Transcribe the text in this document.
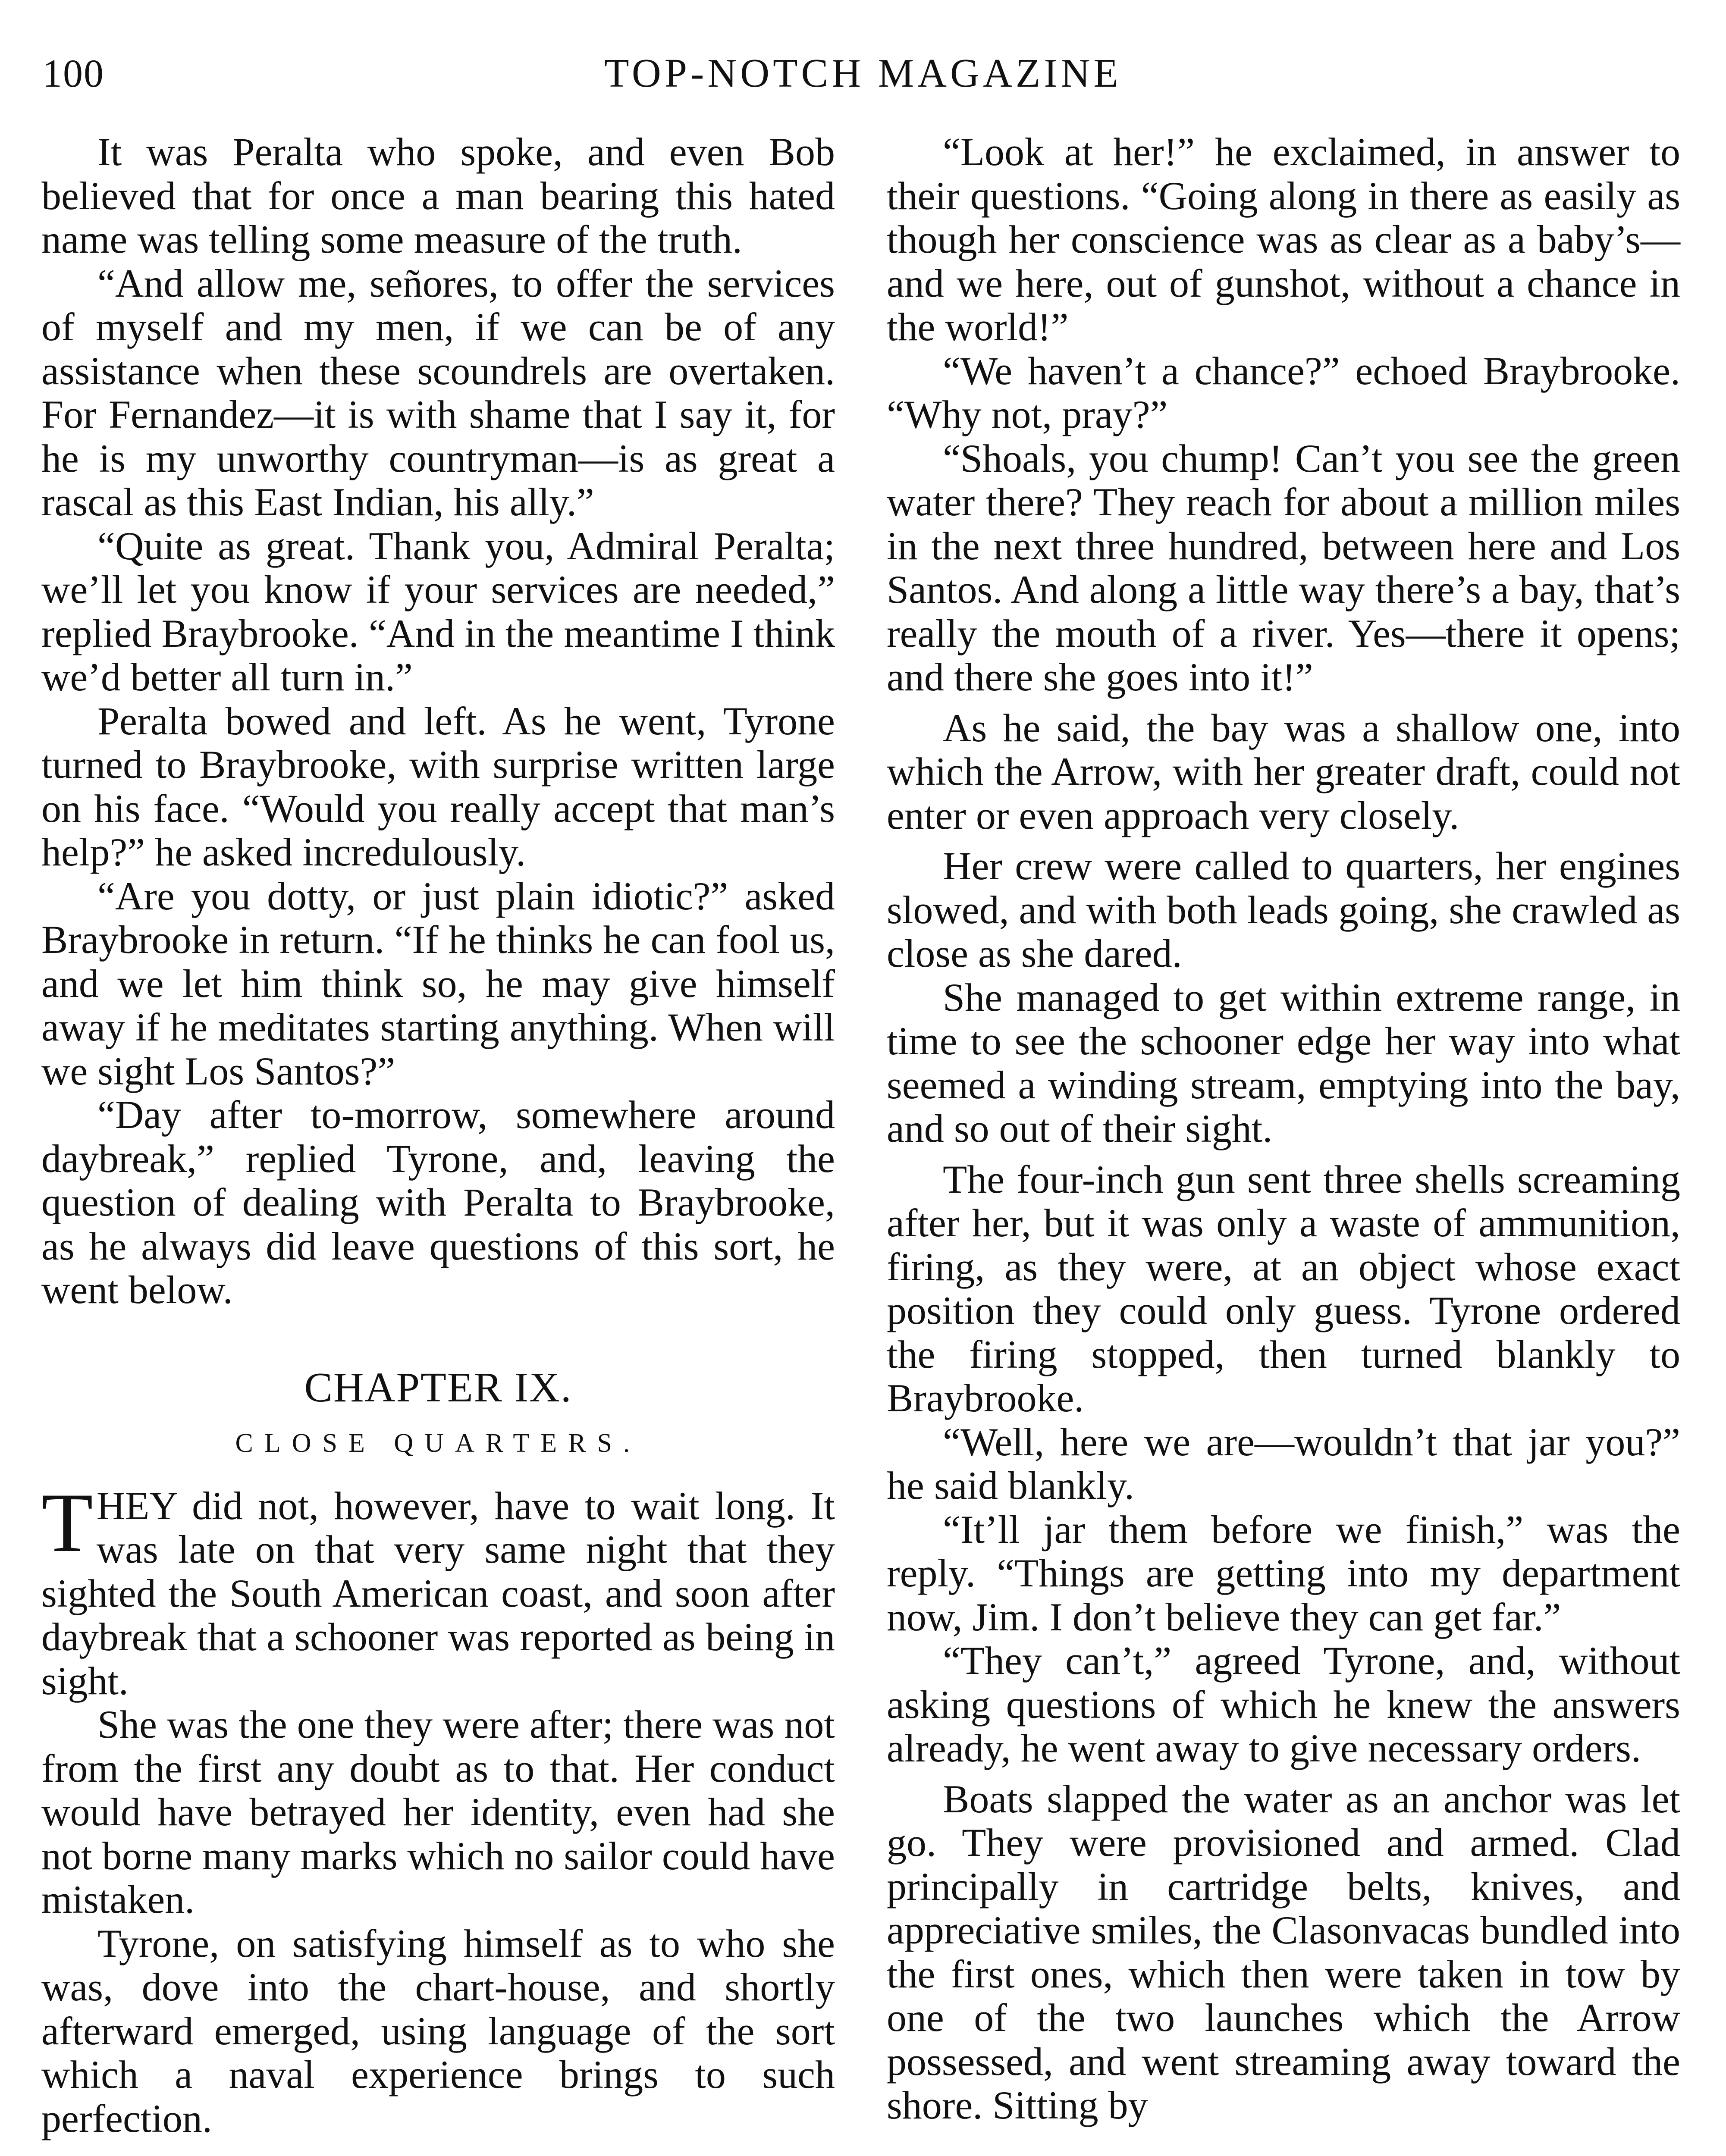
100	TOP-NOTCH MAGAZINE

It was Peralta who spoke, and even Bob believed that for once a man bearing this hated name was telling some measure of the truth.

“And allow me, señores, to offer the services of myself and my men, if we can be of any assistance when these scoundrels are overtaken. For Fernandez—it is with shame that I say it, for he is my unworthy countryman—is as great a rascal as this East Indian, his ally.”

“Quite as great. Thank you, Admiral Peralta; we’ll let you know if your services are needed,” replied Braybrooke. “And in the meantime I think we’d better all turn in.”

Peralta bowed and left. As he went, Tyrone turned to Braybrooke, with surprise written large on his face. “Would you really accept that man’s help?” he asked incredulously.

“Are you dotty, or just plain idiotic?” asked Braybrooke in return. “If he thinks he can fool us, and we let him think so, he may give himself away if he meditates starting anything. When will we sight Los Santos?”

“Day after to-morrow, somewhere around daybreak,” replied Tyrone, and, leaving the question of dealing with Peralta to Braybrooke, as he always did leave questions of this sort, he went below.

CHAPTER IX.
CLOSE QUARTERS.

THEY did not, however, have to wait long. It was late on that very same night that they sighted the South American coast, and soon after daybreak that a schooner was reported as being in sight.

She was the one they were after; there was not from the first any doubt as to that. Her conduct would have betrayed her identity, even had she not borne many marks which no sailor could have mistaken.

Tyrone, on satisfying himself as to who she was, dove into the chart-house, and shortly afterward emerged, using language of the sort which a naval experience brings to such perfection.

“Look at her!” he exclaimed, in answer to their questions. “Going along in there as easily as though her conscience was as clear as a baby’s—and we here, out of gunshot, without a chance in the world!”

“We haven’t a chance?” echoed Braybrooke. “Why not, pray?”

“Shoals, you chump! Can’t you see the green water there? They reach for about a million miles in the next three hundred, between here and Los Santos. And along a little way there’s a bay, that’s really the mouth of a river. Yes—there it opens; and there she goes into it!”

As he said, the bay was a shallow one, into which the Arrow, with her greater draft, could not enter or even approach very closely.

Her crew were called to quarters, her engines slowed, and with both leads going, she crawled as close as she dared.

She managed to get within extreme range, in time to see the schooner edge her way into what seemed a winding stream, emptying into the bay, and so out of their sight.

The four-inch gun sent three shells screaming after her, but it was only a waste of ammunition, firing, as they were, at an object whose exact position they could only guess. Tyrone ordered the firing stopped, then turned blankly to Braybrooke.

“Well, here we are—wouldn’t that jar you?” he said blankly.

“It’ll jar them before we finish,” was the reply. “Things are getting into my department now, Jim. I don’t believe they can get far.”

“They can’t,” agreed Tyrone, and, without asking questions of which he knew the answers already, he went away to give necessary orders.

Boats slapped the water as an anchor was let go. They were provisioned and armed. Clad principally in cartridge belts, knives, and appreciative smiles, the Clasonvacas bundled into the first ones, which then were taken in tow by one of the two launches which the Arrow possessed, and went streaming away toward the shore. Sitting by
